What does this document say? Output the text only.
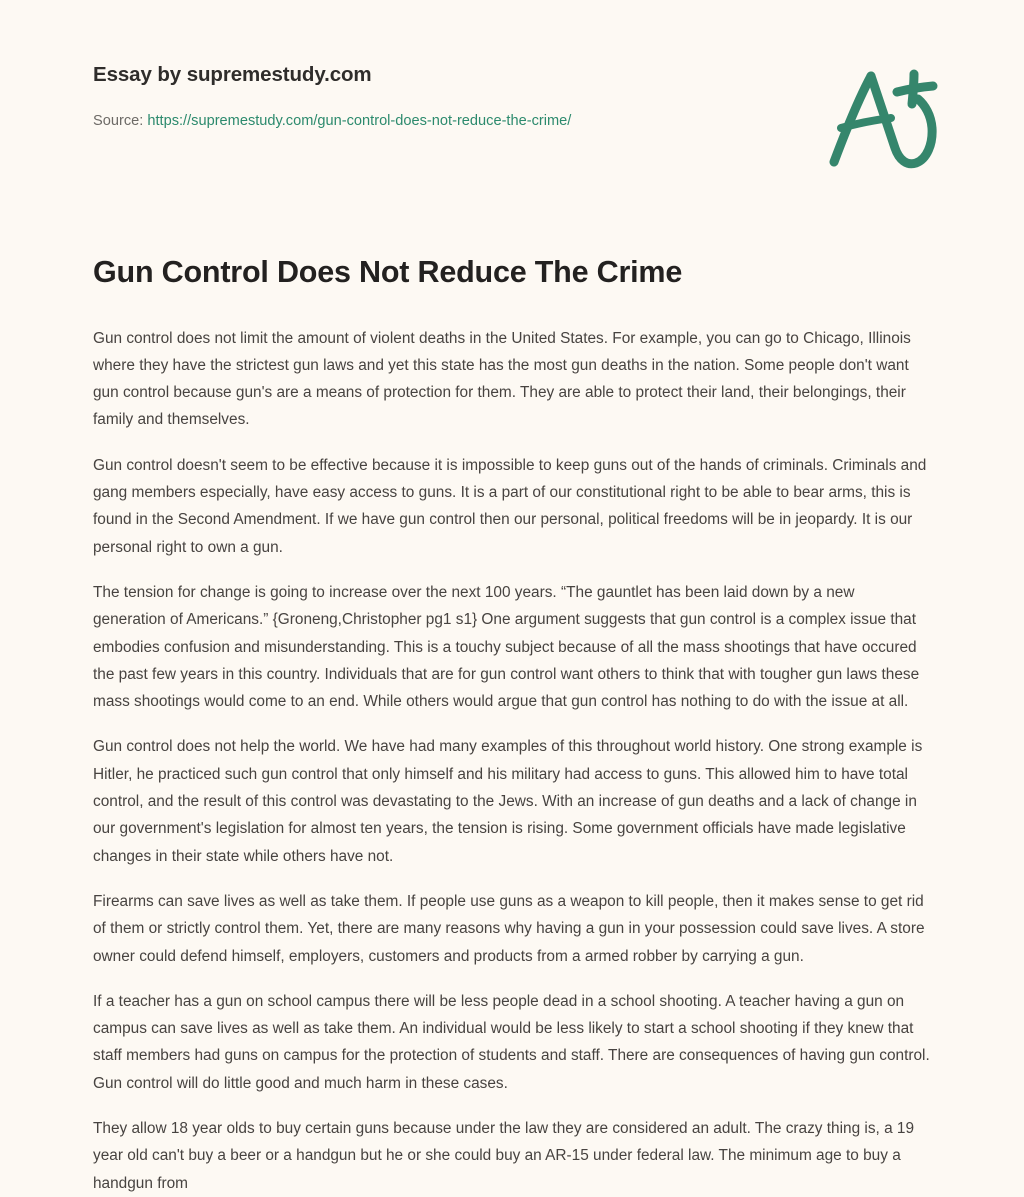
Essay by supremestudy.com
Source: https://supremestudy.com/gun-control-does-not-reduce-the-crime/
Gun Control Does Not Reduce The Crime

Gun control does not limit the amount of violent deaths in the United States. For example, you can go to Chicago, Illinois where they have the strictest gun laws and yet this state has the most gun deaths in the nation. Some people don't want gun control because gun's are a means of protection for them. They are able to protect their land, their belongings, their family and themselves.

Gun control doesn't seem to be effective because it is impossible to keep guns out of the hands of criminals. Criminals and gang members especially, have easy access to guns. It is a part of our constitutional right to be able to bear arms, this is found in the Second Amendment. If we have gun control then our personal, political freedoms will be in jeopardy. It is our personal right to own a gun.

The tension for change is going to increase over the next 100 years. “The gauntlet has been laid down by a new generation of Americans.” {Groneng,Christopher pg1 s1} One argument suggests that gun control is a complex issue that embodies confusion and misunderstanding. This is a touchy subject because of all the mass shootings that have occured the past few years in this country. Individuals that are for gun control want others to think that with tougher gun laws these mass shootings would come to an end. While others would argue that gun control has nothing to do with the issue at all.

Gun control does not help the world. We have had many examples of this throughout world history. One strong example is Hitler, he practiced such gun control that only himself and his military had access to guns. This allowed him to have total control, and the result of this control was devastating to the Jews. With an increase of gun deaths and a lack of change in our government's legislation for almost ten years, the tension is rising. Some government officials have made legislative changes in their state while others have not.

Firearms can save lives as well as take them. If people use guns as a weapon to kill people, then it makes sense to get rid of them or strictly control them. Yet, there are many reasons why having a gun in your possession could save lives. A store owner could defend himself, employers, customers and products from a armed robber by carrying a gun.

If a teacher has a gun on school campus there will be less people dead in a school shooting. A teacher having a gun on campus can save lives as well as take them. An individual would be less likely to start a school shooting if they knew that staff members had guns on campus for the protection of students and staff. There are consequences of having gun control. Gun control will do little good and much harm in these cases.

They allow 18 year olds to buy certain guns because under the law they are considered an adult. The crazy thing is, a 19 year old can't buy a beer or a handgun but he or she could buy an AR-15 under federal law. The minimum age to buy a handgun from
